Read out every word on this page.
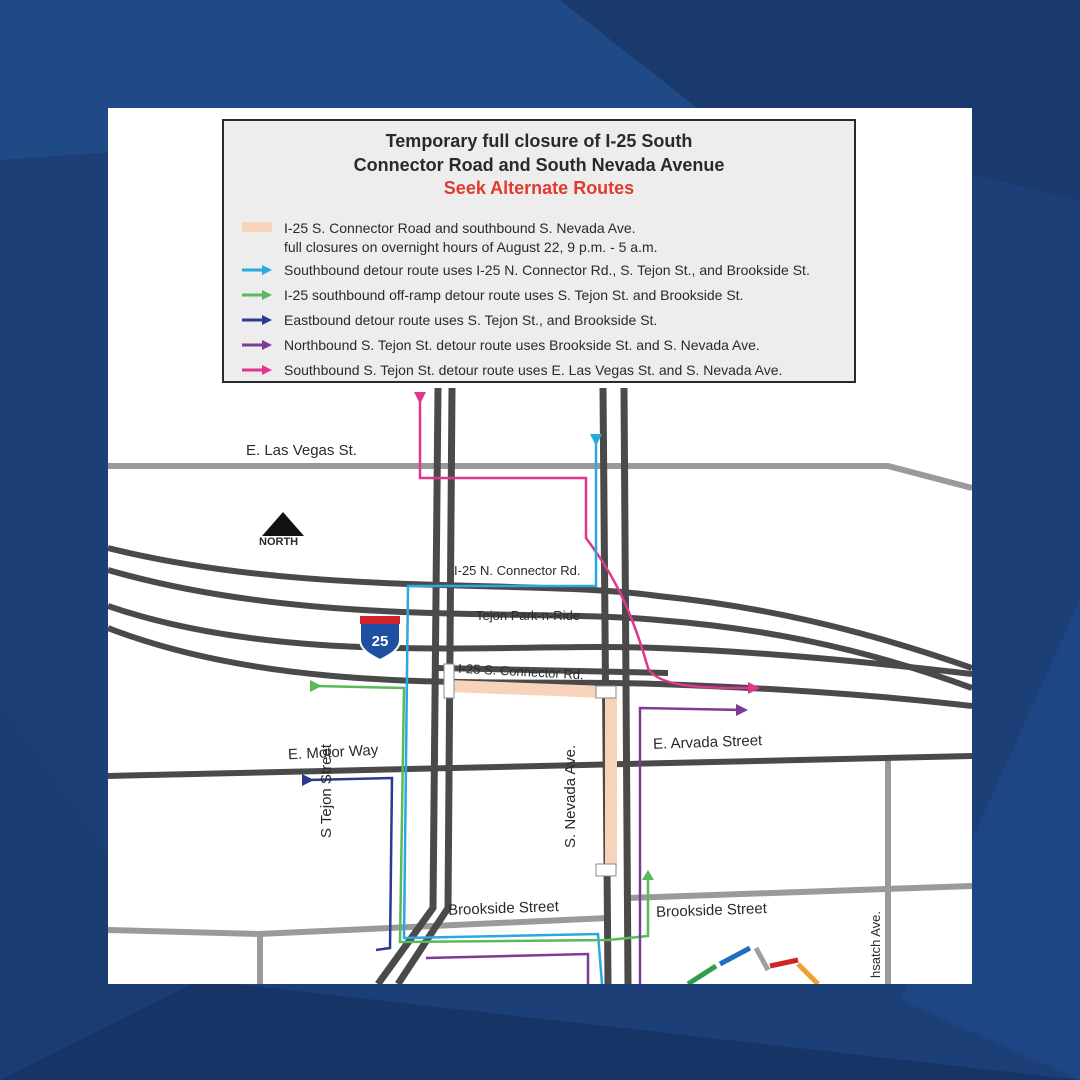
25
E. Las Vegas St.
NORTH
I-25 N. Connector Rd.
Tejon Park-n-Ride
I-25 S. Connector Rd.
E. Motor Way	E. Arvada Street
S Tejon Street	S. Nevada Ave.
Brookside Street	Brookside Street
hsatch Ave.
Temporary full closure of I-25 South
Connector Road and South Nevada Avenue
Seek Alternate Routes
I-25 S. Connector Road and southbound S. Nevada Ave.
full closures on overnight hours of August 22, 9 p.m. - 5 a.m.
Southbound detour route uses I-25 N. Connector Rd., S. Tejon St., and Brookside St.
I-25 southbound off-ramp detour route uses S. Tejon St. and Brookside St.
Eastbound detour route uses S. Tejon St., and Brookside St.
Northbound S. Tejon St. detour route uses Brookside St. and S. Nevada Ave.
Southbound S. Tejon St. detour route uses E. Las Vegas St. and S. Nevada Ave.
